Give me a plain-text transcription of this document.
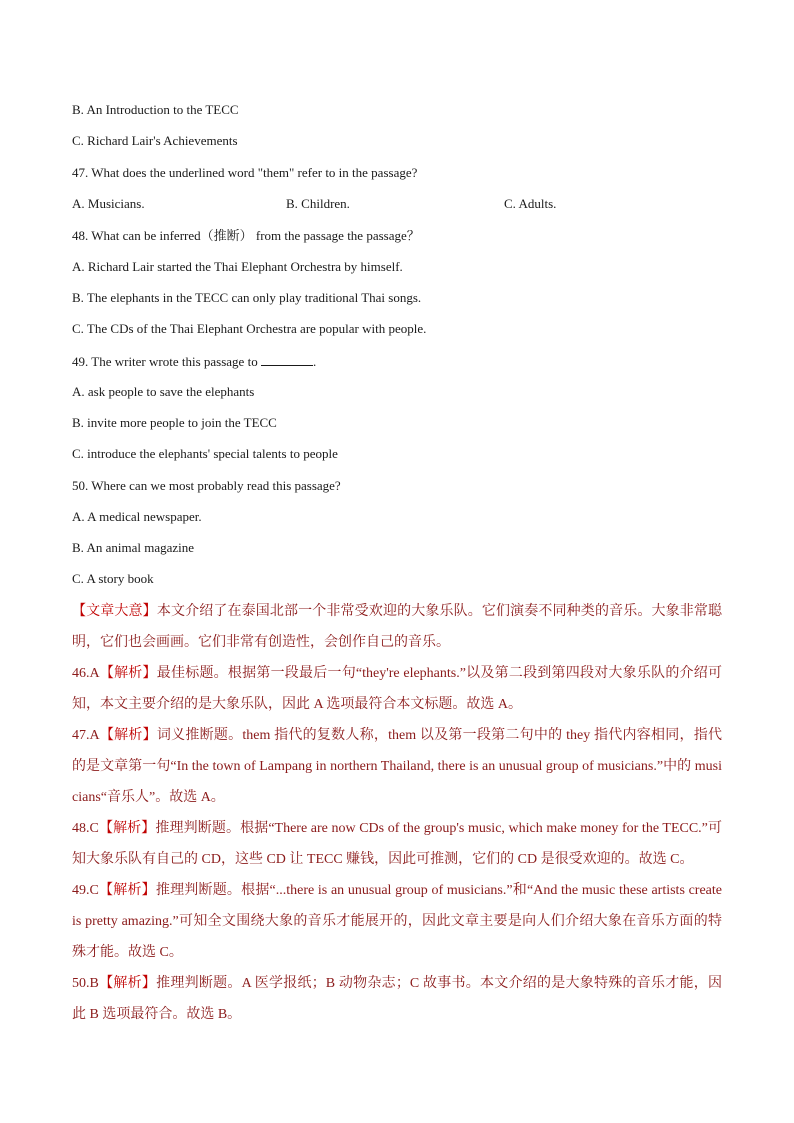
B. An Introduction to the TECC
C. Richard Lair's Achievements
47. What does the underlined word "them" refer to in the passage?
A. Musicians.	B. Children.	C. Adults.
48. What can be inferred（推断） from the passage the passage？
A. Richard Lair started the Thai Elephant Orchestra by himself.
B. The elephants in the TECC can only play traditional Thai songs.
C. The CDs of the Thai Elephant Orchestra are popular with people.
49. The writer wrote this passage to	.
A. ask people to save the elephants
B. invite more people to join the TECC
C. introduce the elephants' special talents to people
50. Where can we most probably read this passage?
A. A medical newspaper.
B. An animal magazine
C. A story book
【文章大意】本文介绍了在泰国北部一个非常受欢迎的大象乐队。它们演奏不同种类的音乐。大象非常聪明，它们也会画画。它们非常有创造性，会创作自己的音乐。
46.A【解析】最佳标题。根据第一段最后一句“they're elephants.”以及第二段到第四段对大象乐队的介绍可知，本文主要介绍的是大象乐队，因此 A 选项最符合本文标题。故选 A。
47.A【解析】词义推断题。them 指代的复数人称，them 以及第一段第二句中的 they 指代内容相同，指代的是文章第一句“In the town of Lampang in northern Thailand, there is an unusual group of musicians.”中的 musicians“音乐人”。故选 A。
48.C【解析】推理判断题。根据“There are now CDs of the group's music, which make money for the TECC.”可知大象乐队有自己的 CD，这些 CD 让 TECC 赚钱，因此可推测，它们的 CD 是很受欢迎的。故选 C。
49.C【解析】推理判断题。根据“...there is an unusual group of musicians.”和“And the music these artists create is pretty amazing.”可知全文围绕大象的音乐才能展开的，因此文章主要是向人们介绍大象在音乐方面的特殊才能。故选 C。
50.B【解析】推理判断题。A 医学报纸；B 动物杂志；C 故事书。本文介绍的是大象特殊的音乐才能，因此 B 选项最符合。故选 B。
